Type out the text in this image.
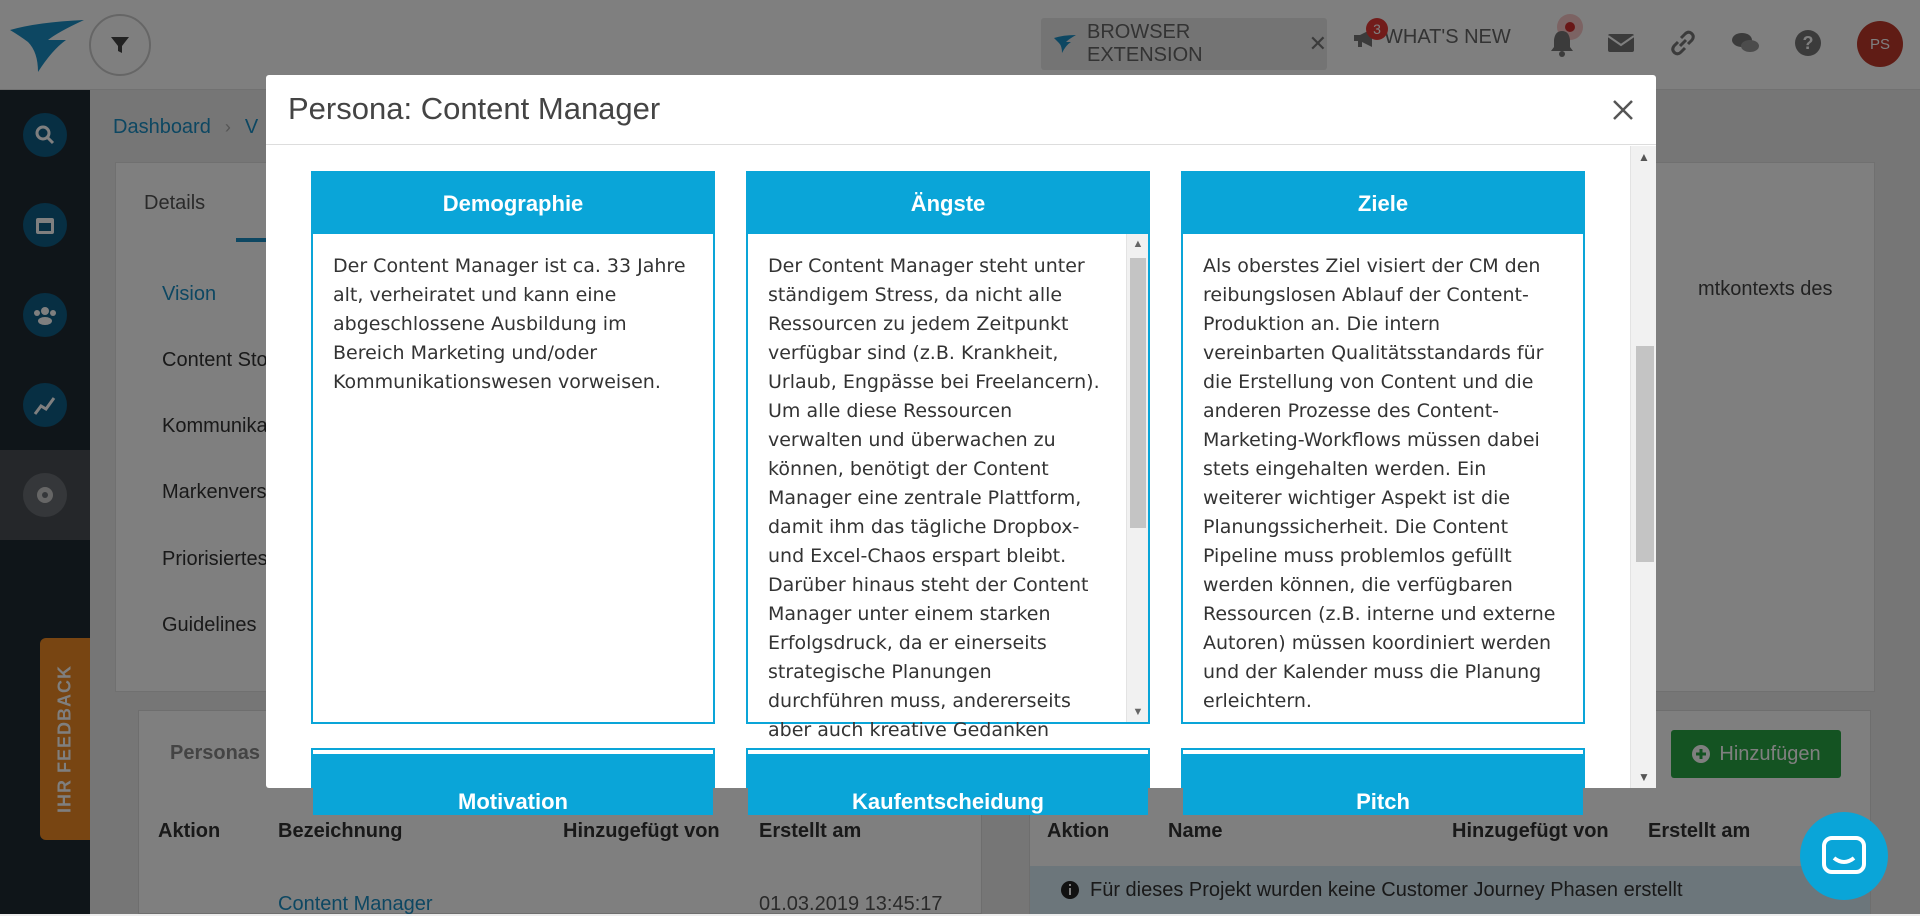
Persona: Content Manager
Demographie
Der Content Manager ist ca. 33 Jahre alt, verheiratet und kann eine abgeschlossene Ausbildung im Bereich Marketing und/oder Kommunikationswesen vorweisen.
Ängste
Der Content Manager steht unter ständigem Stress, da nicht alle Ressourcen zu jedem Zeitpunkt verfügbar sind (z.B. Krankheit, Urlaub, Engpässe bei Freelancern). Um alle diese Ressourcen verwalten und überwachen zu können, benötigt der Content Manager eine zentrale Plattform, damit ihm das tägliche Dropbox- und Excel-Chaos erspart bleibt. Darüber hinaus steht der Content Manager unter einem starken Erfolgsdruck, da er einerseits strategische Planungen durchführen muss, andererseits aber auch kreative Gedanken
▲
▼
Ziele
Als oberstes Ziel visiert der CM den reibungslosen Ablauf der Content-Produktion an. Die intern vereinbarten Qualitätsstandards für die Erstellung von Content und die anderen Prozesse des Content-Marketing-Workflows müssen dabei stets eingehalten werden. Ein weiterer wichtiger Aspekt ist die Planungssicherheit. Die Content Pipeline muss problemlos gefüllt werden können, die verfügbaren Ressourcen (z.B. interne und externe Autoren) müssen koordiniert werden und der Kalender muss die Planung erleichtern.
Motivation	Kaufentscheidung	Pitch
▲
▼
